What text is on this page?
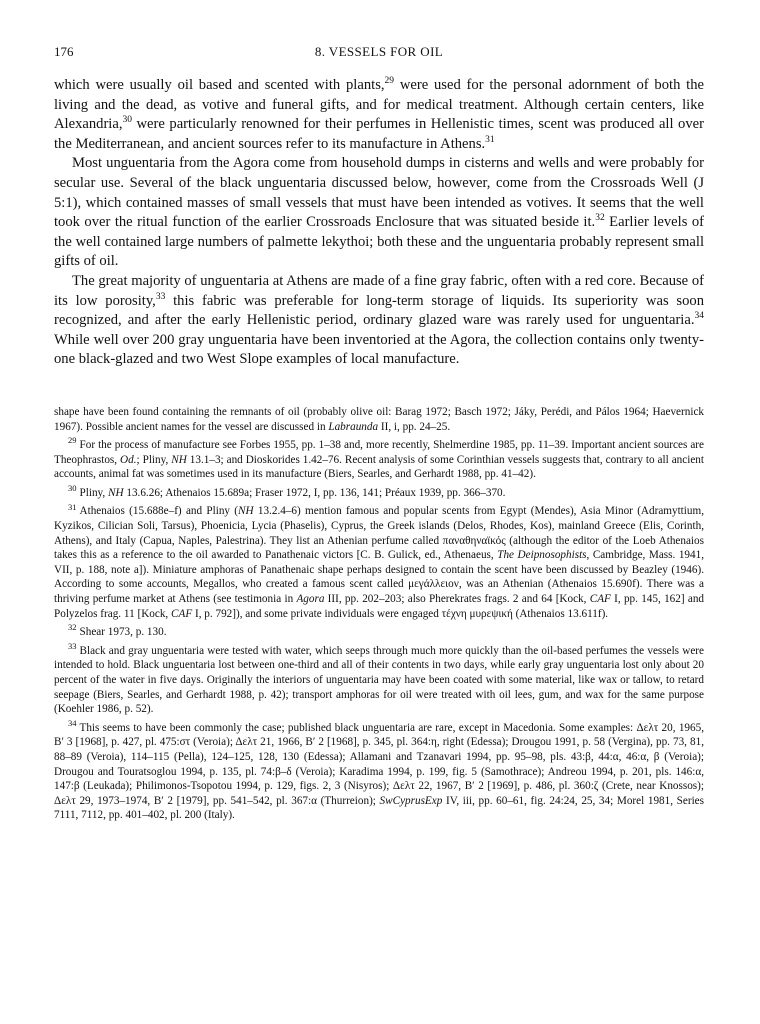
176	8. VESSELS FOR OIL

which were usually oil based and scented with plants,$^{29}$ were used for the personal adornment of both the living and the dead, as votive and funeral gifts, and for medical treatment. Although certain centers, like Alexandria,$^{30}$ were particularly renowned for their perfumes in Hellenistic times, scent was produced all over the Mediterranean, and ancient sources refer to its manufacture in Athens.$^{31}$

Most unguentaria from the Agora come from household dumps in cisterns and wells and were probably for secular use. Several of the black unguentaria discussed below, however, come from the Crossroads Well (J 5:1), which contained masses of small vessels that must have been intended as votives. It seems that the well took over the ritual function of the earlier Crossroads Enclosure that was situated beside it.$^{32}$ Earlier levels of the well contained large numbers of palmette lekythoi; both these and the unguentaria probably represent small gifts of oil.

The great majority of unguentaria at Athens are made of a fine gray fabric, often with a red core. Because of its low porosity,$^{33}$ this fabric was preferable for long-term storage of liquids. Its superiority was soon recognized, and after the early Hellenistic period, ordinary glazed ware was rarely used for unguentaria.$^{34}$ While well over 200 gray unguentaria have been inventoried at the Agora, the collection contains only twenty-one black-glazed and two West Slope examples of local manufacture.

shape have been found containing the remnants of oil (probably olive oil: Barag 1972; Basch 1972; Jáky, Perédi, and Pálos 1964; Haevernick 1967). Possible ancient names for the vessel are discussed in Labraunda II, i, pp. 24–25.

$^{29}$ For the process of manufacture see Forbes 1955, pp. 1–38 and, more recently, Shelmerdine 1985, pp. 11–39. Important ancient sources are Theophrastos, Od.; Pliny, NH 13.1–3; and Dioskorides 1.42–76. Recent analysis of some Corinthian vessels suggests that, contrary to all ancient accounts, animal fat was sometimes used in its manufacture (Biers, Searles, and Gerhardt 1988, pp. 41–42).

$^{30}$ Pliny, NH 13.6.26; Athenaios 15.689a; Fraser 1972, I, pp. 136, 141; Préaux 1939, pp. 366–370.

$^{31}$ Athenaios (15.688e–f) and Pliny (NH 13.2.4–6) mention famous and popular scents from Egypt (Mendes), Asia Minor (Adramyttium, Kyzikos, Cilician Soli, Tarsus), Phoenicia, Lycia (Phaselis), Cyprus, the Greek islands (Delos, Rhodes, Kos), mainland Greece (Elis, Corinth, Athens), and Italy (Capua, Naples, Palestrina). They list an Athenian perfume called παναθηναϊκός (although the editor of the Loeb Athenaios takes this as a reference to the oil awarded to Panathenaic victors [C. B. Gulick, ed., Athenaeus, The Deipnosophists, Cambridge, Mass. 1941, VII, p. 188, note a]). Miniature amphoras of Panathenaic shape perhaps designed to contain the scent have been discussed by Beazley (1946). According to some accounts, Megallos, who created a famous scent called μεγάλλειον, was an Athenian (Athenaios 15.690f). There was a thriving perfume market at Athens (see testimonia in Agora III, pp. 202–203; also Pherekrates frags. 2 and 64 [Kock, CAF I, pp. 145, 162] and Polyzelos frag. 11 [Kock, CAF I, p. 792]), and some private individuals were engaged τέχνη μυρεψική (Athenaios 13.611f).

$^{32}$ Shear 1973, p. 130.

$^{33}$ Black and gray unguentaria were tested with water, which seeps through much more quickly than the oil-based perfumes the vessels were intended to hold. Black unguentaria lost between one-third and all of their contents in two days, while early gray unguentaria lost only about 20 percent of the water in five days. Originally the interiors of unguentaria may have been coated with some material, like wax or tallow, to retard seepage (Biers, Searles, and Gerhardt 1988, p. 42); transport amphoras for oil were treated with oil lees, gum, and wax for the same purpose (Koehler 1986, p. 52).

$^{34}$ This seems to have been commonly the case; published black unguentaria are rare, except in Macedonia. Some examples: Δελτ 20, 1965, Β′ 3 [1968], p. 427, pl. 475:στ (Veroia); Δελτ 21, 1966, Β′ 2 [1968], p. 345, pl. 364:η, right (Edessa); Drougou 1991, p. 58 (Vergina), pp. 73, 81, 88–89 (Veroia), 114–115 (Pella), 124–125, 128, 130 (Edessa); Allamani and Tzanavari 1994, pp. 95–98, pls. 43:β, 44:α, 46:α, β (Veroia); Drougou and Touratsoglou 1994, p. 135, pl. 74:β–δ (Veroia); Karadima 1994, p. 199, fig. 5 (Samothrace); Andreou 1994, p. 201, pls. 146:α, 147:β (Leukada); Philimonos-Tsopotou 1994, p. 129, figs. 2, 3 (Nisyros); Δελτ 22, 1967, Β′ 2 [1969], p. 486, pl. 360:ζ (Crete, near Knossos); Δελτ 29, 1973–1974, Β′ 2 [1979], pp. 541–542, pl. 367:α (Thurreion); SwCyprusExp IV, iii, pp. 60–61, fig. 24:24, 25, 34; Morel 1981, Series 7111, 7112, pp. 401–402, pl. 200 (Italy).
